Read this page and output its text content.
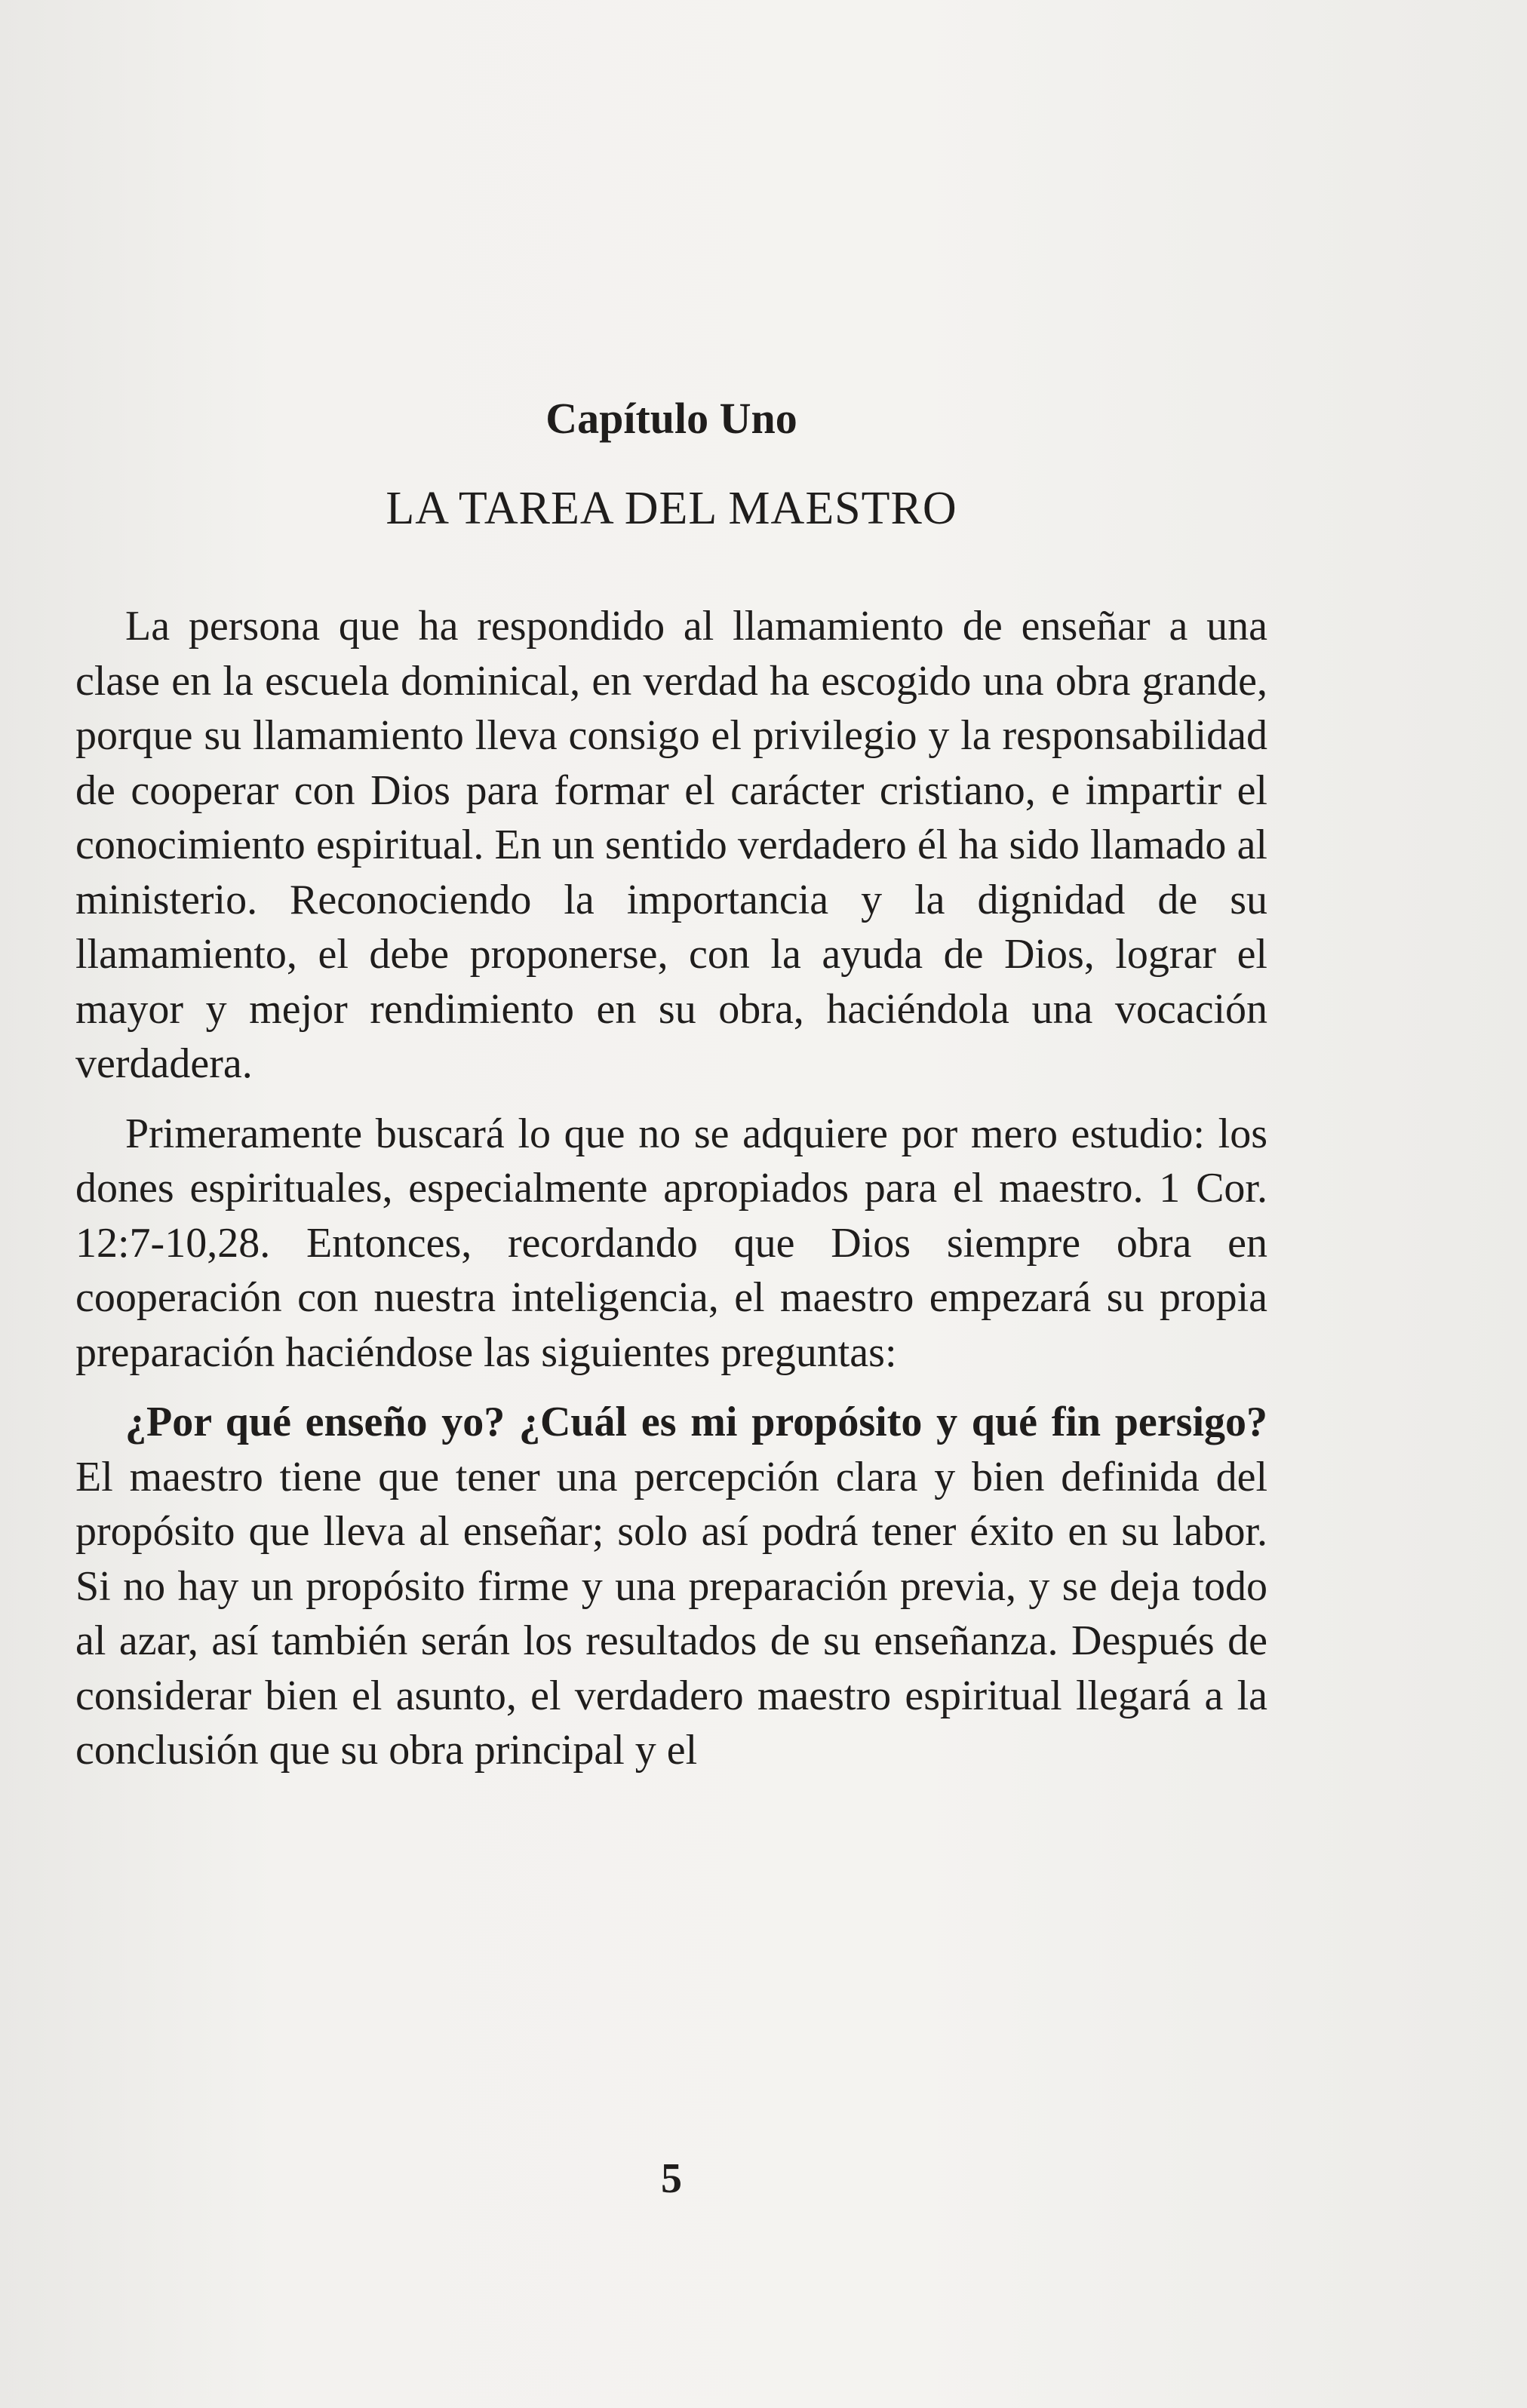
Capítulo Uno
LA TAREA DEL MAESTRO

La persona que ha respondido al llamamiento de enseñar a una clase en la escuela dominical, en verdad ha escogido una obra grande, porque su llamamiento lleva consigo el privilegio y la responsabilidad de cooperar con Dios para formar el carácter cristiano, e impartir el conocimiento espiritual. En un sentido verdadero él ha sido llamado al ministerio. Reconociendo la importancia y la dignidad de su llamamiento, el debe proponerse, con la ayuda de Dios, lograr el mayor y mejor rendimiento en su obra, haciéndola una vocación verdadera.

Primeramente buscará lo que no se adquiere por mero estudio: los dones espirituales, especialmente apropiados para el maestro. 1 Cor. 12:7-10,28. Entonces, recordando que Dios siempre obra en cooperación con nuestra inteligencia, el maestro empezará su propia preparación haciéndose las siguientes preguntas:

¿Por qué enseño yo? ¿Cuál es mi propósito y qué fin persigo? El maestro tiene que tener una percepción clara y bien definida del propósito que lleva al enseñar; solo así podrá tener éxito en su labor. Si no hay un propósito firme y una preparación previa, y se deja todo al azar, así también serán los resultados de su enseñanza. Después de considerar bien el asunto, el verdadero maestro espiritual llegará a la conclusión que su obra principal y el

5
